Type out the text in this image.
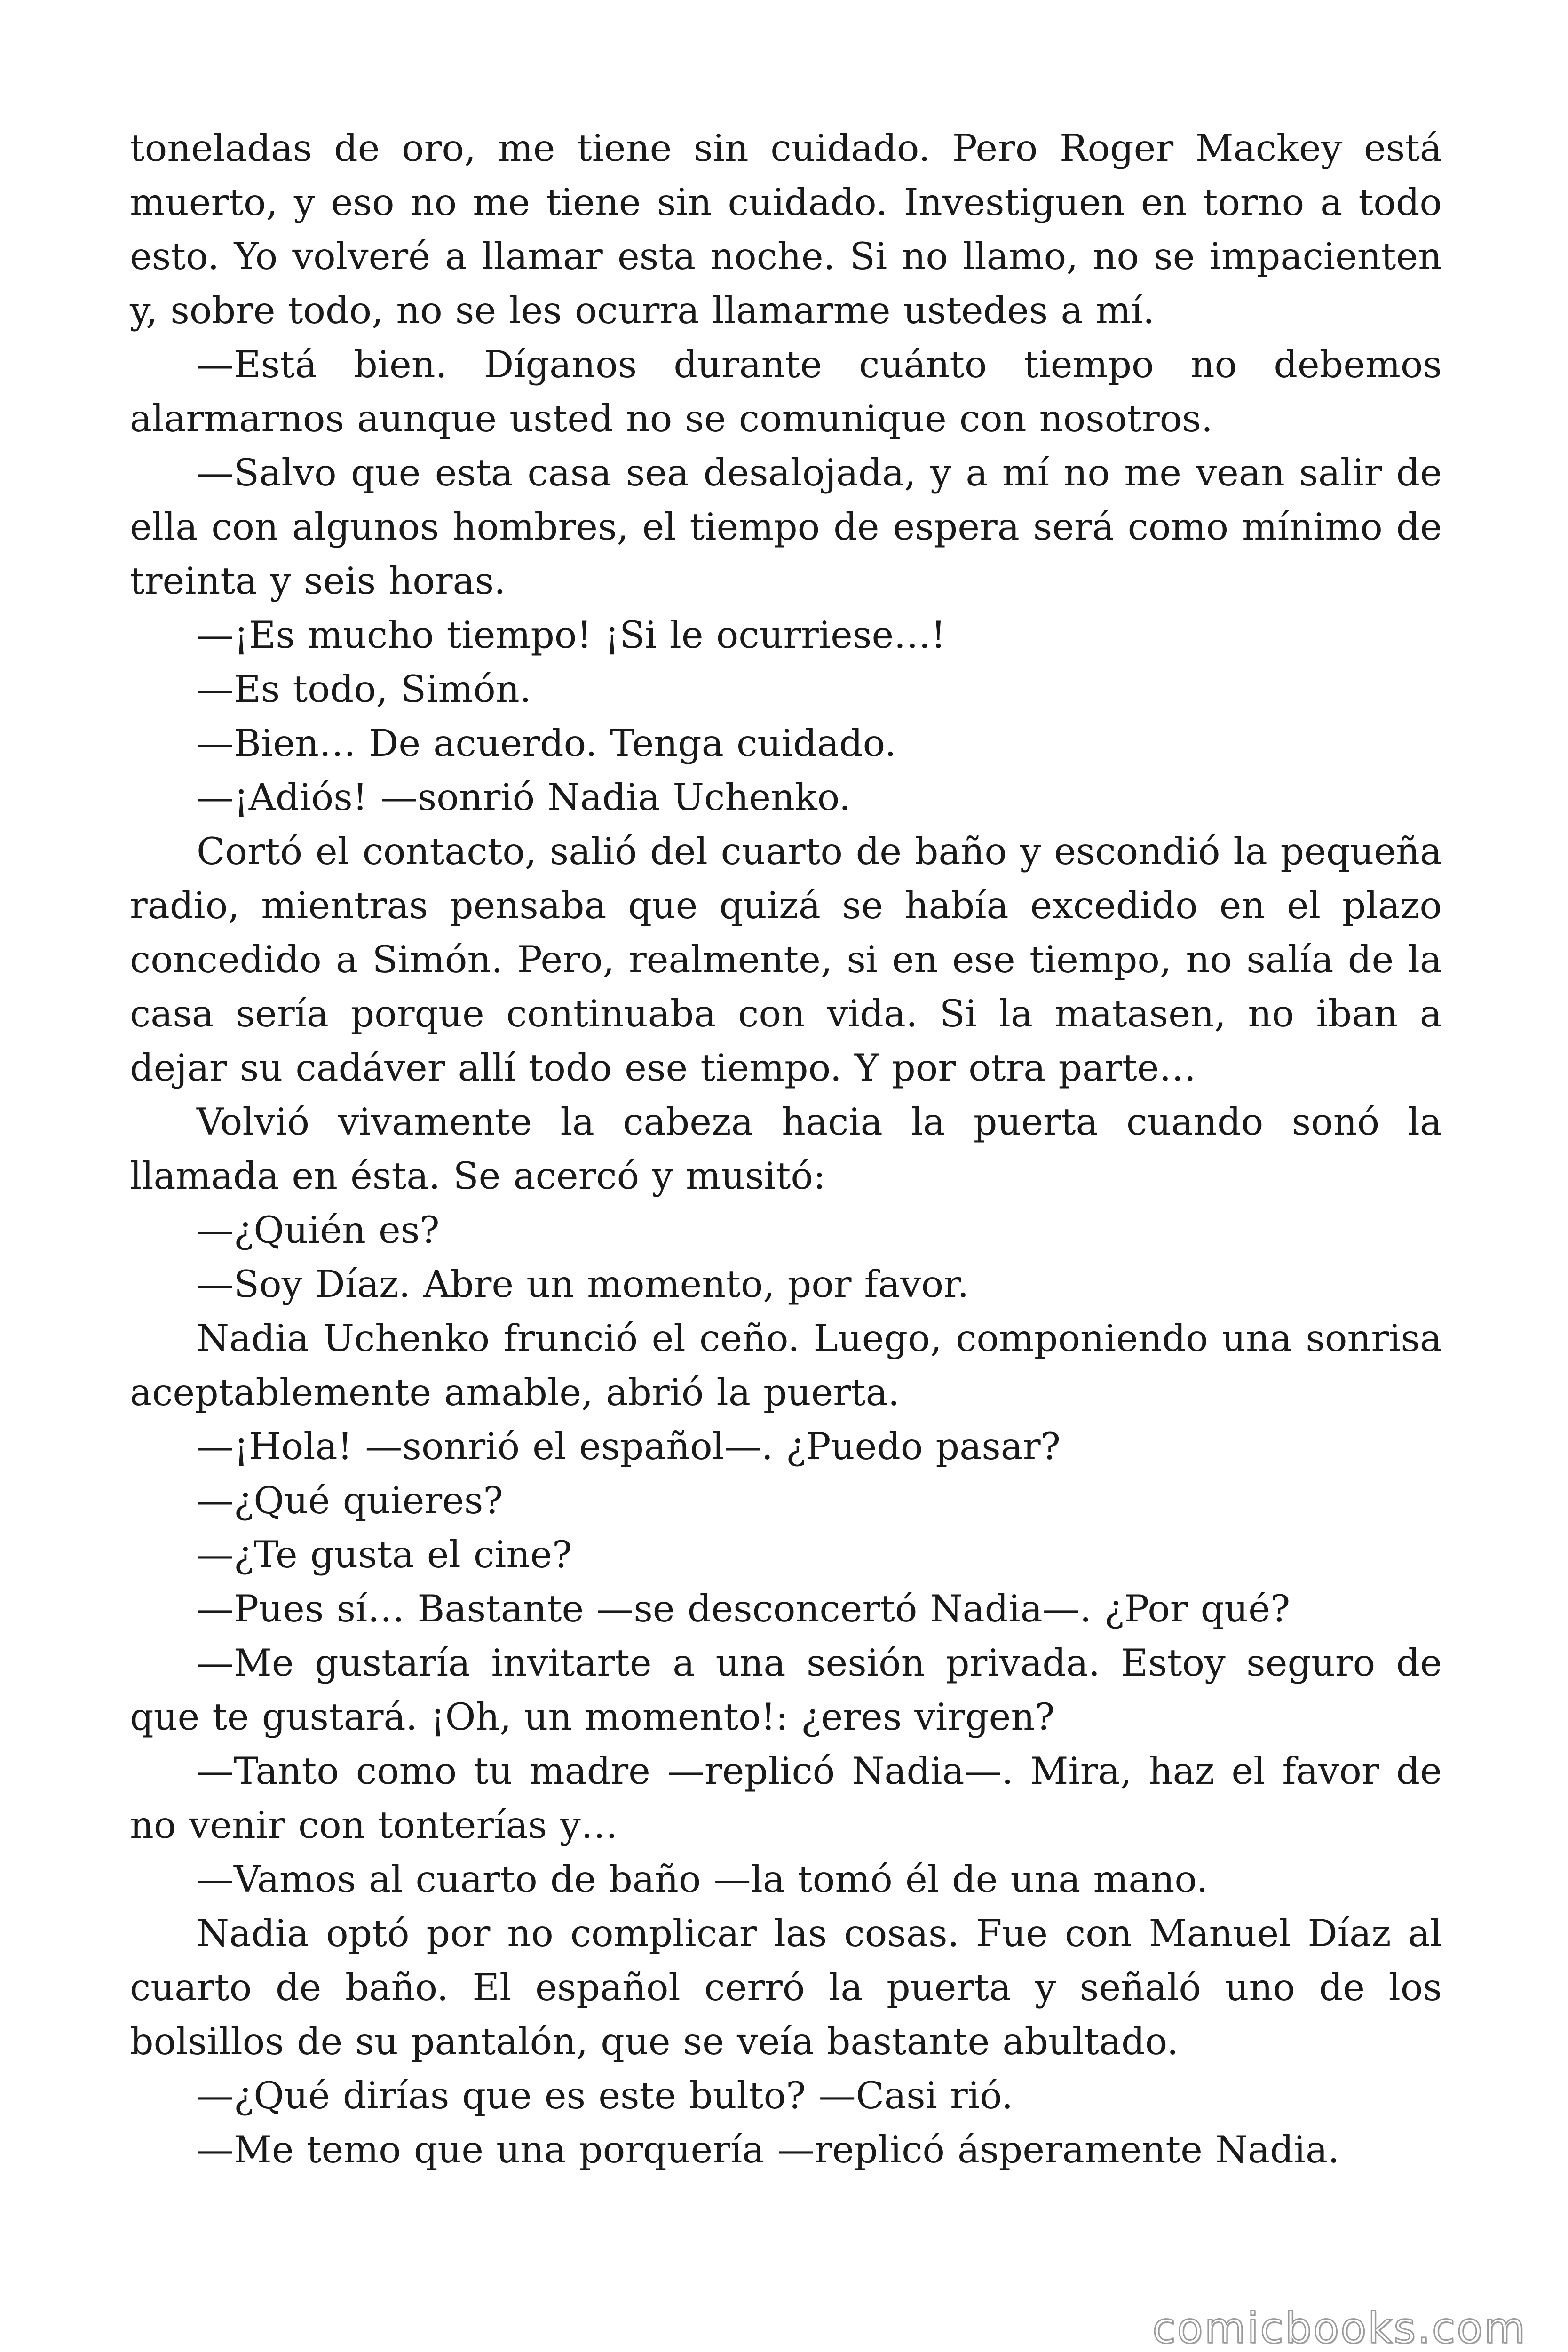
toneladas de oro, me tiene sin cuidado. Pero Roger Mackey está muerto, y eso no me tiene sin cuidado. Investiguen en torno a todo esto. Yo volveré a llamar esta noche. Si no llamo, no se impacienten y, sobre todo, no se les ocurra llamarme ustedes a mí.

—Está bien. Díganos durante cuánto tiempo no debemos alarmarnos aunque usted no se comunique con nosotros.

—Salvo que esta casa sea desalojada, y a mí no me vean salir de ella con algunos hombres, el tiempo de espera será como mínimo de treinta y seis horas.

—¡Es mucho tiempo! ¡Si le ocurriese…!

—Es todo, Simón.

—Bien… De acuerdo. Tenga cuidado.

—¡Adiós! —sonrió Nadia Uchenko.

Cortó el contacto, salió del cuarto de baño y escondió la pequeña radio, mientras pensaba que quizá se había excedido en el plazo concedido a Simón. Pero, realmente, si en ese tiempo, no salía de la casa sería porque continuaba con vida. Si la matasen, no iban a dejar su cadáver allí todo ese tiempo. Y por otra parte…

Volvió vivamente la cabeza hacia la puerta cuando sonó la llamada en ésta. Se acercó y musitó:

—¿Quién es?

—Soy Díaz. Abre un momento, por favor.

Nadia Uchenko frunció el ceño. Luego, componiendo una sonrisa aceptablemente amable, abrió la puerta.

—¡Hola! —sonrió el español—. ¿Puedo pasar?

—¿Qué quieres?

—¿Te gusta el cine?

—Pues sí… Bastante —se desconcertó Nadia—. ¿Por qué?

—Me gustaría invitarte a una sesión privada. Estoy seguro de que te gustará. ¡Oh, un momento!: ¿eres virgen?

—Tanto como tu madre —replicó Nadia—. Mira, haz el favor de no venir con tonterías y…

—Vamos al cuarto de baño —la tomó él de una mano.

Nadia optó por no complicar las cosas. Fue con Manuel Díaz al cuarto de baño. El español cerró la puerta y señaló uno de los bolsillos de su pantalón, que se veía bastante abultado.

—¿Qué dirías que es este bulto? —Casi rió.

—Me temo que una porquería —replicó ásperamente Nadia.

comicbooks.com
